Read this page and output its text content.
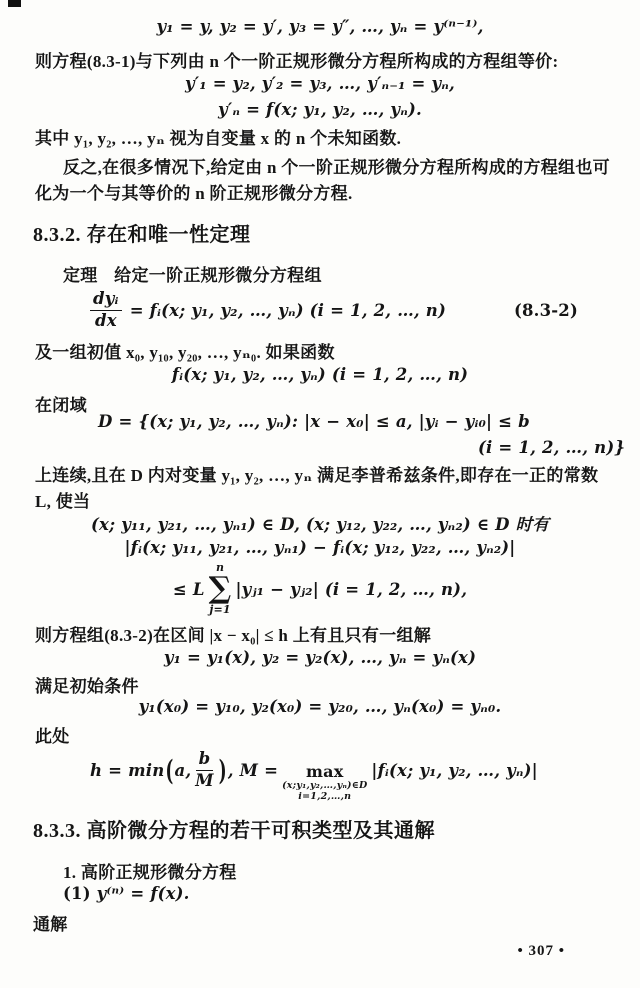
y₁ = y, y₂ = y′, y₃ = y″, …, yₙ = y⁽ⁿ⁻¹⁾,
则方程(8.3-1)与下列由 n 个一阶正规形微分方程所构成的方程组等价:
y′₁ = y₂, y′₂ = y₃, …, y′ₙ₋₁ = yₙ,
y′ₙ = f(x; y₁, y₂, …, yₙ).
其中 y₁, y₂, …, yₙ 视为自变量 x 的 n 个未知函数.
反之,在很多情况下,给定由 n 个一阶正规形微分方程所构成的方程组也可
化为一个与其等价的 n 阶正规形微分方程.
8.3.2. 存在和唯一性定理
定理 给定一阶正规形微分方程组
$\frac{\text{dyᵢ}}{dx}$ = fᵢ(x; y₁, y₂, …, yₙ) (i = 1, 2, …, n)	(8.3-2)
及一组初值 x₀, y₁₀, y₂₀, …, yₙ₀. 如果函数
fᵢ(x; y₁, y₂, …, yₙ) (i = 1, 2, …, n)
在闭域
D = {(x; y₁, y₂, …, yₙ): |x − x₀| ≤ a, |yᵢ − yᵢ₀| ≤ b
(i = 1, 2, …, n)}
上连续,且在 D 内对变量 y₁, y₂, …, yₙ 满足李普希兹条件,即存在一正的常数
L, 使当
(x; y₁₁, y₂₁, …, yₙ₁) ∈ D, (x; y₁₂, y₂₂, …, yₙ₂) ∈ D 时有
|fᵢ(x; y₁₁, y₂₁, …, yₙ₁) − fᵢ(x; y₁₂, y₂₂, …, yₙ₂)|
≤ L
n
∑
j=1
|yⱼ₁ − yⱼ₂| (i = 1, 2, …, n),
则方程组(8.3-2)在区间 |x − x₀| ≤ h 上有且只有一组解
y₁ = y₁(x), y₂ = y₂(x), …, yₙ = yₙ(x)
满足初始条件
y₁(x₀) = y₁₀, y₂(x₀) = y₂₀, …, yₙ(x₀) = yₙ₀.
此处
h = min ( a, $\frac{b}{M}$ ) , M = max
(x;y₁,y₂,…,yₙ)∈D
i=1,2,…,n
|fᵢ(x; y₁, y₂, …, yₙ)|
8.3.3. 高阶微分方程的若干可积类型及其通解
1. 高阶正规形微分方程
(1) y⁽ⁿ⁾ = f(x).
通解
• 307 •
